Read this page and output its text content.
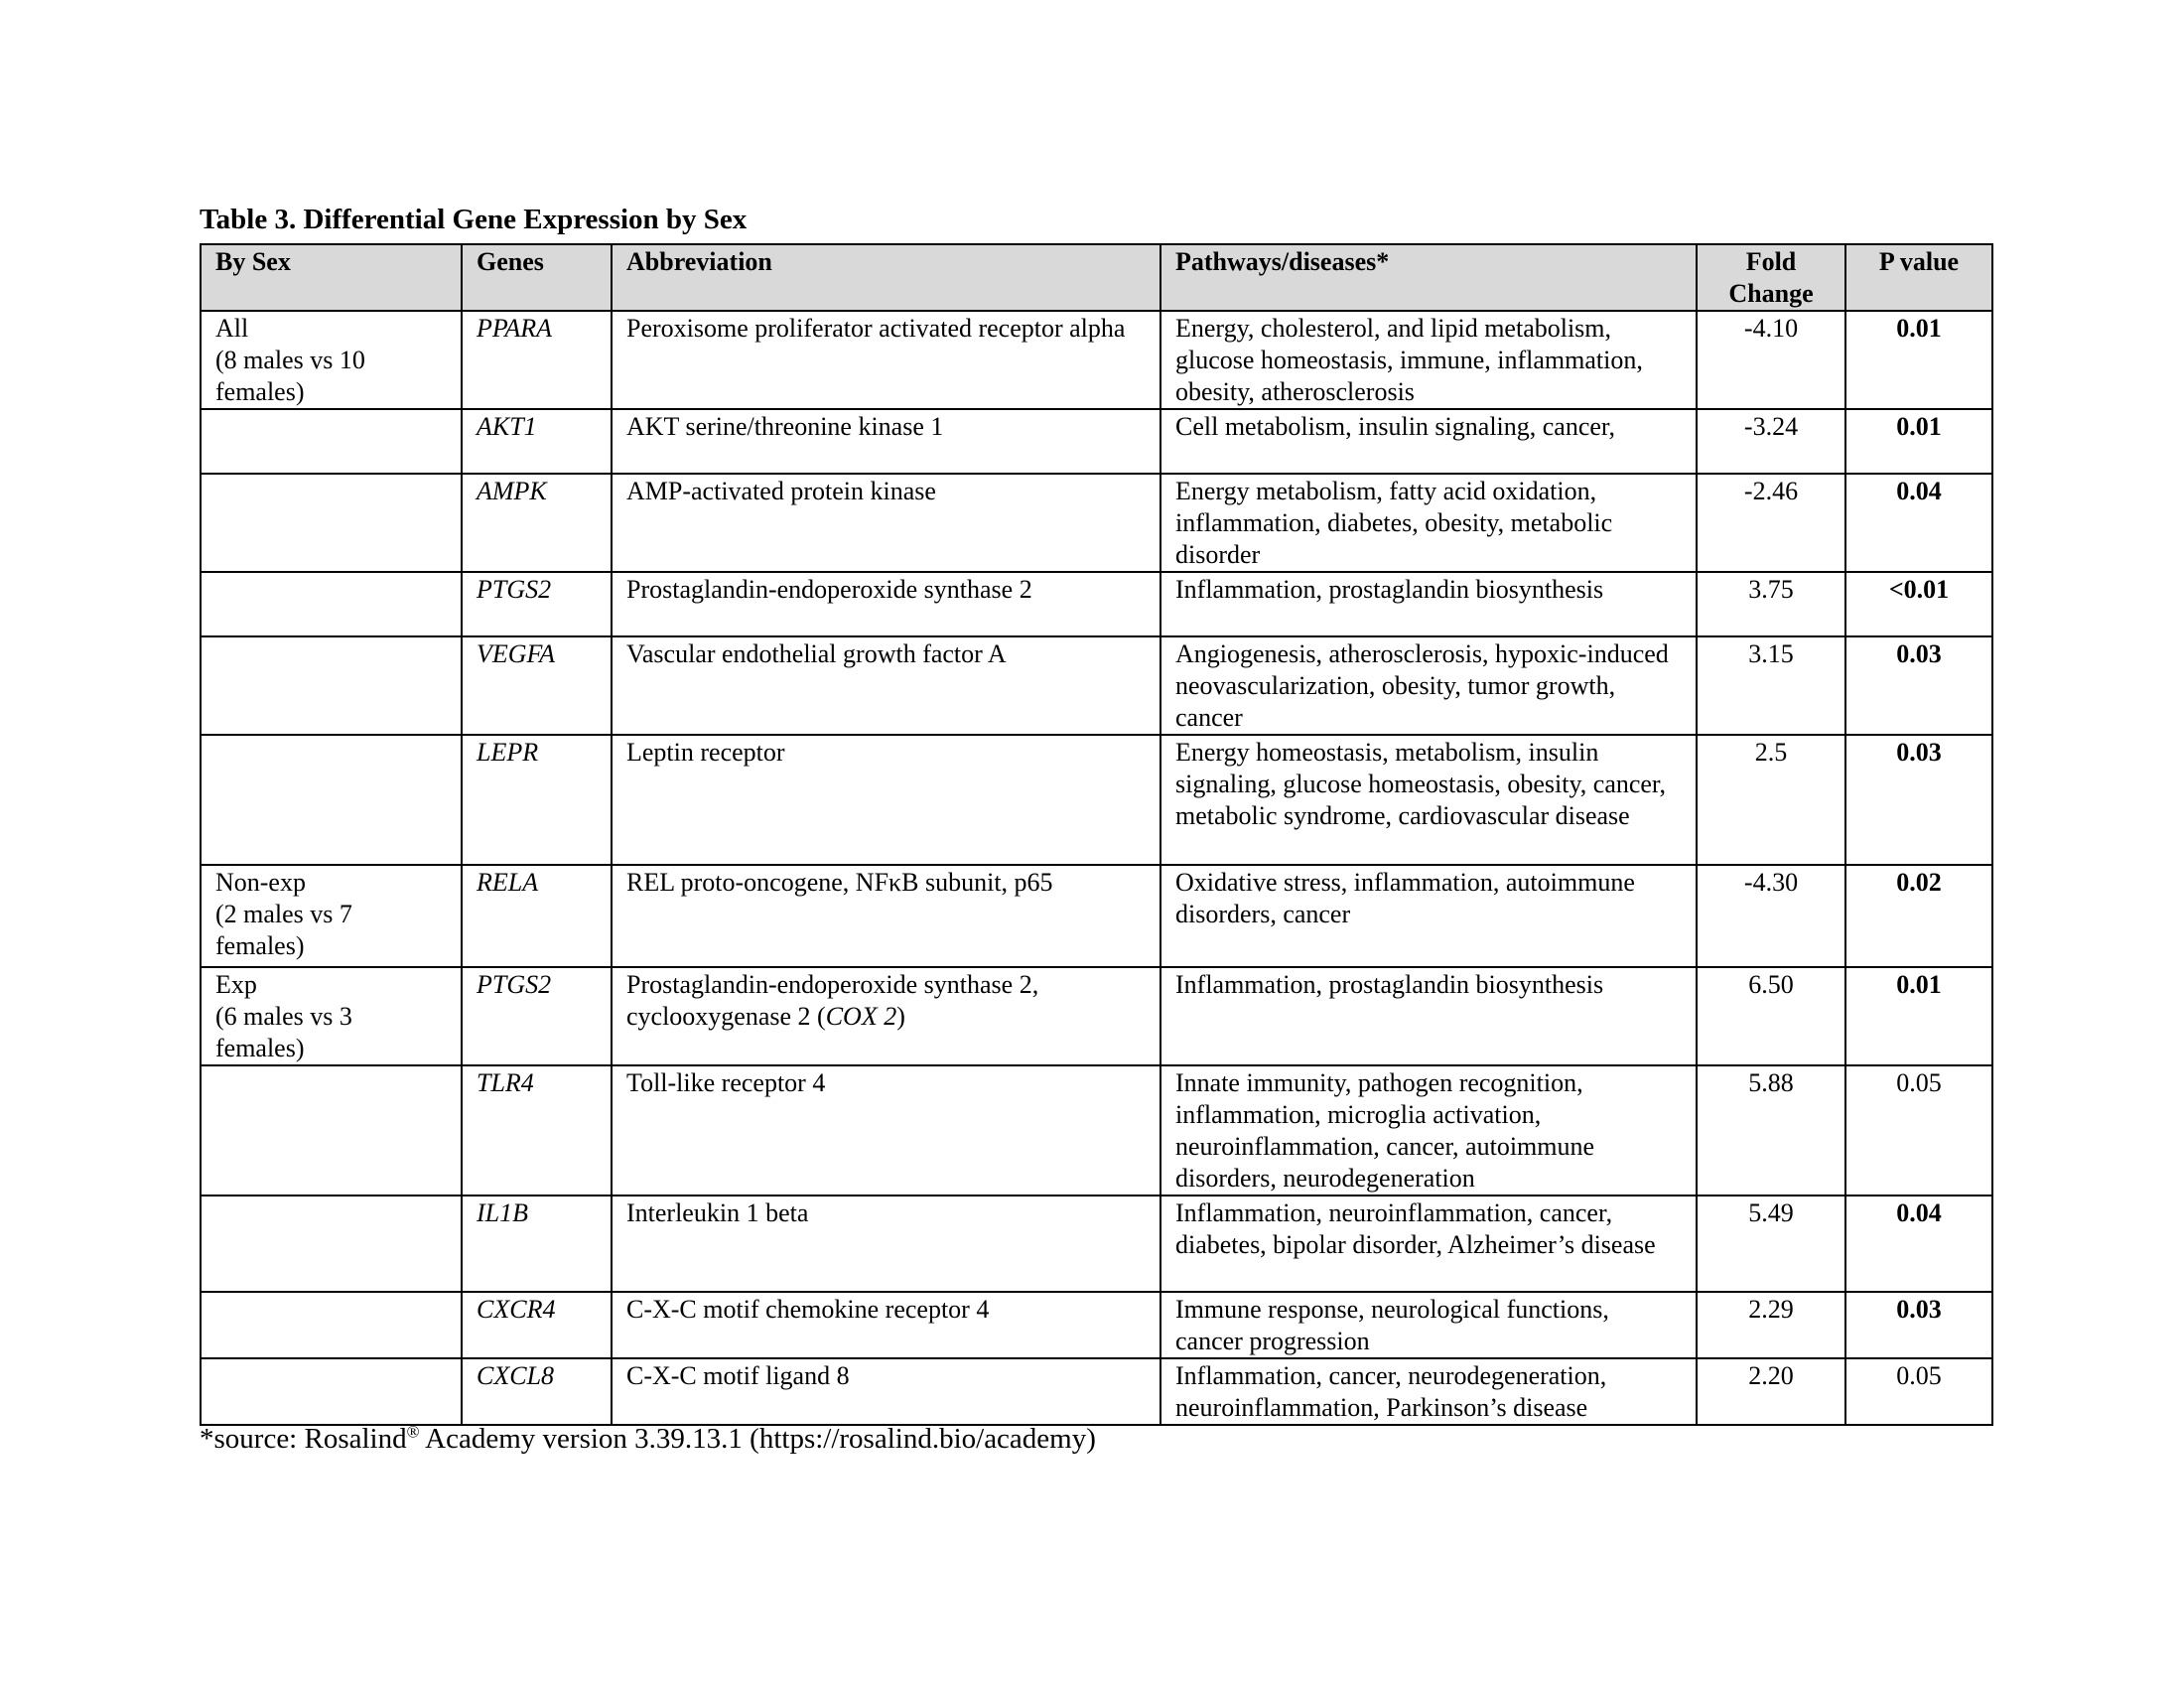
Table 3. Differential Gene Expression by Sex
By Sex	Genes	Abbreviation	Pathways/diseases*	Fold Change	P value

All
(8 males vs 10 females)	PPARA	Peroxisome proliferator activated receptor alpha	Energy, cholesterol, and lipid metabolism, glucose homeostasis, immune, inflammation, obesity, atherosclerosis	-4.10	0.01
	AKT1	AKT serine/threonine kinase 1	Cell metabolism, insulin signaling, cancer,	-3.24	0.01
	AMPK	AMP-activated protein kinase	Energy metabolism, fatty acid oxidation, inflammation, diabetes, obesity, metabolic disorder	-2.46	0.04
	PTGS2	Prostaglandin-endoperoxide synthase 2	Inflammation, prostaglandin biosynthesis	3.75	<0.01
	VEGFA	Vascular endothelial growth factor A	Angiogenesis, atherosclerosis, hypoxic-induced neovascularization, obesity, tumor growth, cancer	3.15	0.03
	LEPR	Leptin receptor	Energy homeostasis, metabolism, insulin signaling, glucose homeostasis, obesity, cancer, metabolic syndrome, cardiovascular disease	2.5	0.03

Non-exp
(2 males vs 7 females)	RELA	REL proto-oncogene, NFκB subunit, p65	Oxidative stress, inflammation, autoimmune disorders, cancer	-4.30	0.02

Exp
(6 males vs 3 females)	PTGS2	Prostaglandin-endoperoxide synthase 2, cyclooxygenase 2 (COX 2)	Inflammation, prostaglandin biosynthesis	6.50	0.01
	TLR4	Toll-like receptor 4	Innate immunity, pathogen recognition, inflammation, microglia activation, neuroinflammation, cancer, autoimmune disorders, neurodegeneration	5.88	0.05
	IL1B	Interleukin 1 beta	Inflammation, neuroinflammation, cancer, diabetes, bipolar disorder, Alzheimer’s disease	5.49	0.04
	CXCR4	C-X-C motif chemokine receptor 4	Immune response, neurological functions, cancer progression	2.29	0.03
	CXCL8	C-X-C motif ligand 8	Inflammation, cancer, neurodegeneration, neuroinflammation, Parkinson’s disease	2.20	0.05
*source: Rosalind® Academy version 3.39.13.1 (https://rosalind.bio/academy)
